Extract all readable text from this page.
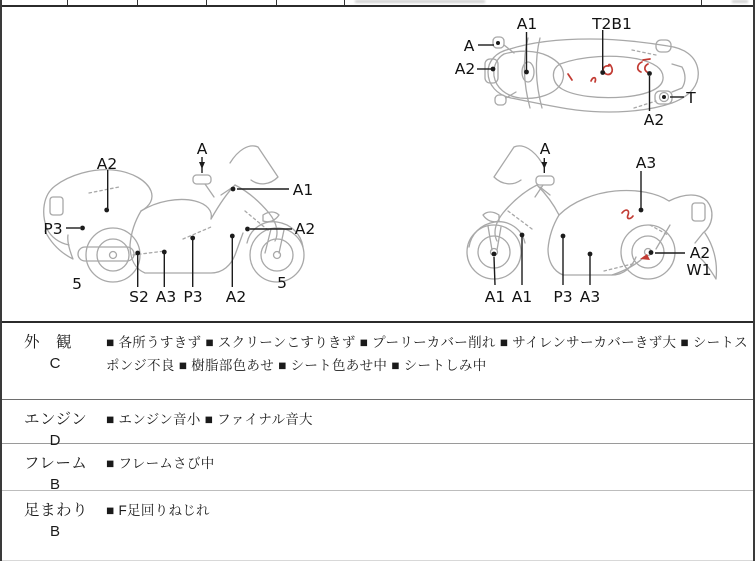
A1	T2B1
A
A2
A2
T
A2
A
A1
P3	A2
5
S2 A3 P3 A2
5
A
A3
A2
W1
A1 A1 P3 A3
外　観
C
■ 各所うすきず ■ スクリーンこすりきず ■ プーリーカバー削れ ■ サイレンサーカバーきず大 ■ シートスポンジ不良 ■ 樹脂部色あせ ■ シート色あせ中 ■ シートしみ中
エンジン
D
■ エンジン音小 ■ ファイナル音大
フレーム
B
■ フレームさび中
足まわり
B
■ F足回りねじれ
